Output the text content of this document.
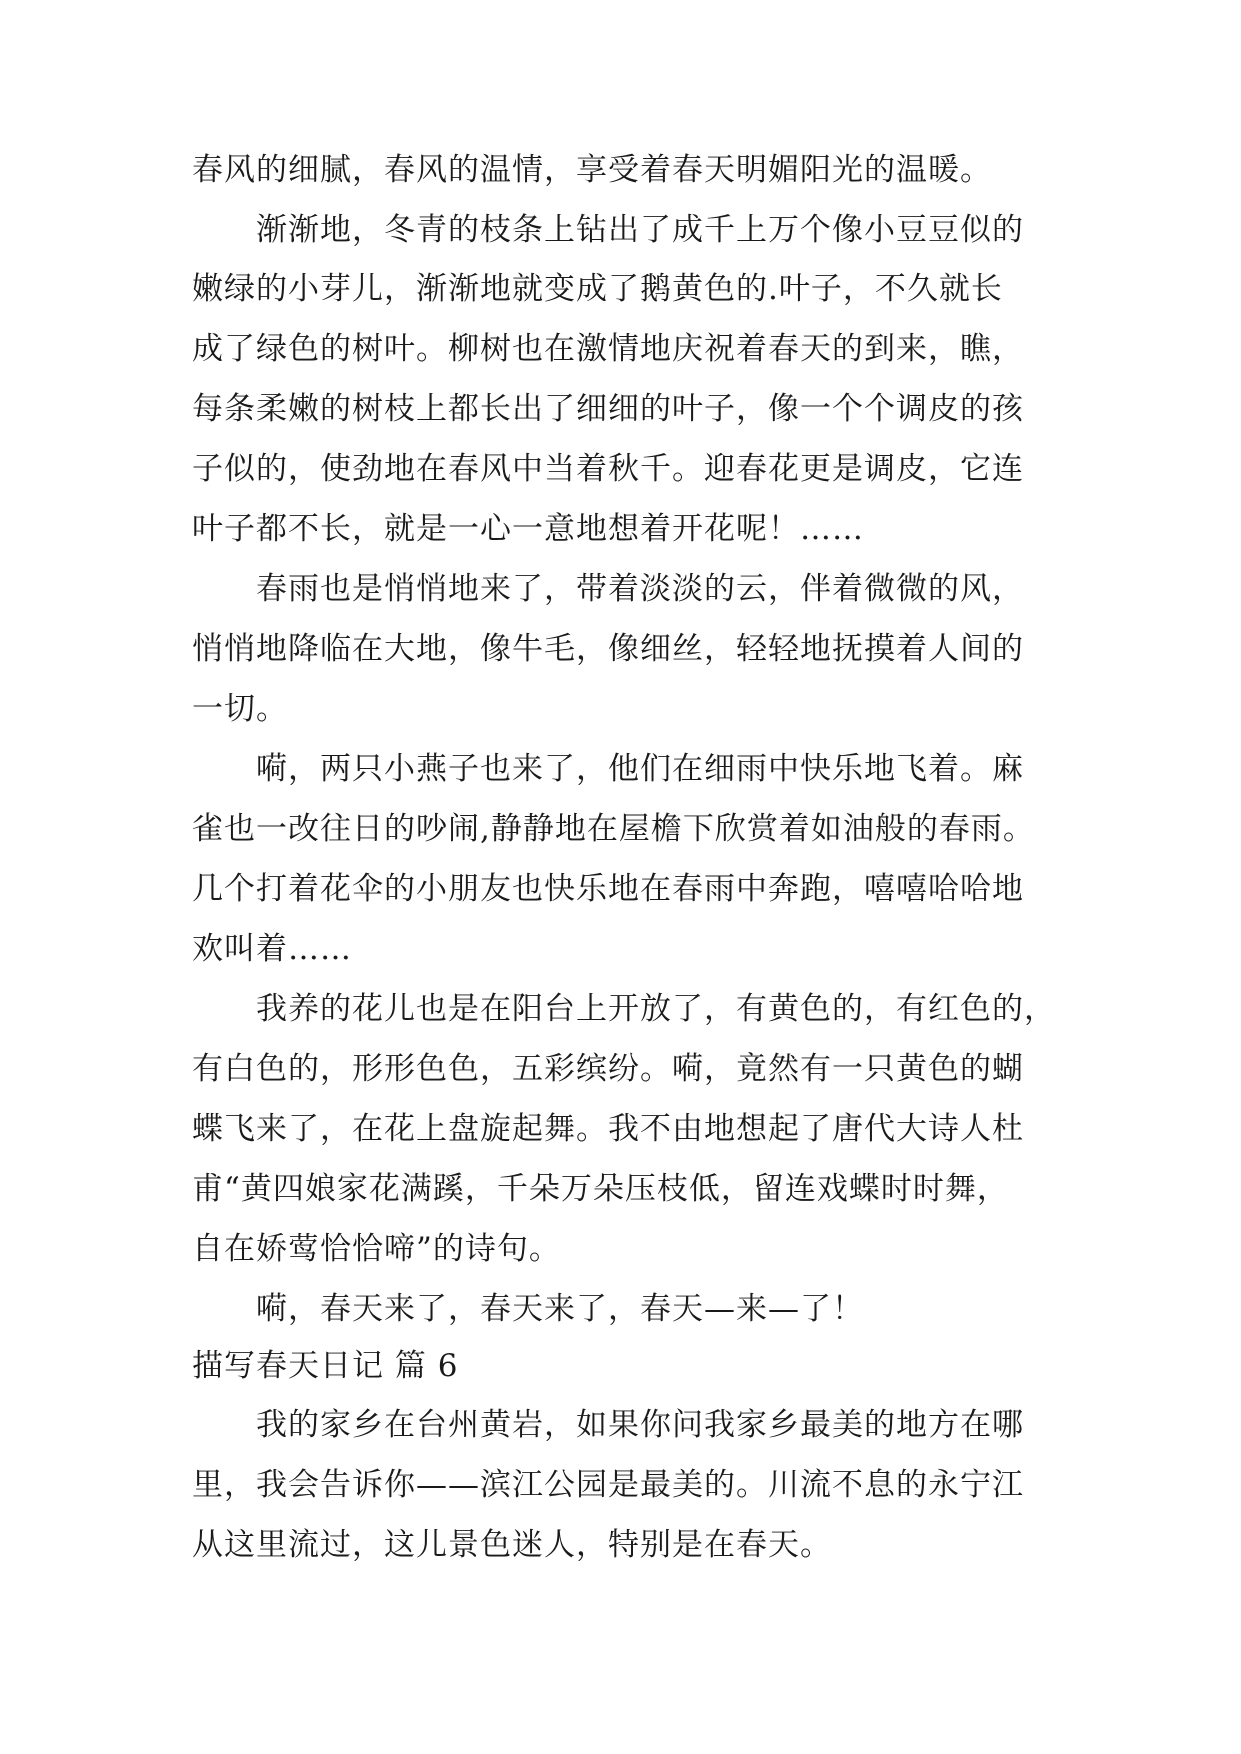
春风的细腻，春风的温情，享受着春天明媚阳光的温暖。
渐渐地，冬青的枝条上钻出了成千上万个像小豆豆似的
嫩绿的小芽儿，渐渐地就变成了鹅黄色的.叶子，不久就长
成了绿色的树叶。柳树也在激情地庆祝着春天的到来，瞧，
每条柔嫩的树枝上都长出了细细的叶子，像一个个调皮的孩
子似的，使劲地在春风中当着秋千。迎春花更是调皮，它连
叶子都不长，就是一心一意地想着开花呢！……
春雨也是悄悄地来了，带着淡淡的云，伴着微微的风，
悄悄地降临在大地，像牛毛，像细丝，轻轻地抚摸着人间的
一切。
嗬，两只小燕子也来了，他们在细雨中快乐地飞着。麻
雀也一改往日的吵闹,静静地在屋檐下欣赏着如油般的春雨。
几个打着花伞的小朋友也快乐地在春雨中奔跑，嘻嘻哈哈地
欢叫着……
我养的花儿也是在阳台上开放了，有黄色的，有红色的，
有白色的，形形色色，五彩缤纷。嗬，竟然有一只黄色的蝴
蝶飞来了，在花上盘旋起舞。我不由地想起了唐代大诗人杜
甫“黄四娘家花满蹊，千朵万朵压枝低，留连戏蝶时时舞，
自在娇莺恰恰啼”的诗句。
嗬，春天来了，春天来了，春天—来—了！
描写春天日记 篇 6
我的家乡在台州黄岩，如果你问我家乡最美的地方在哪
里，我会告诉你——滨江公园是最美的。川流不息的永宁江
从这里流过，这儿景色迷人，特别是在春天。
